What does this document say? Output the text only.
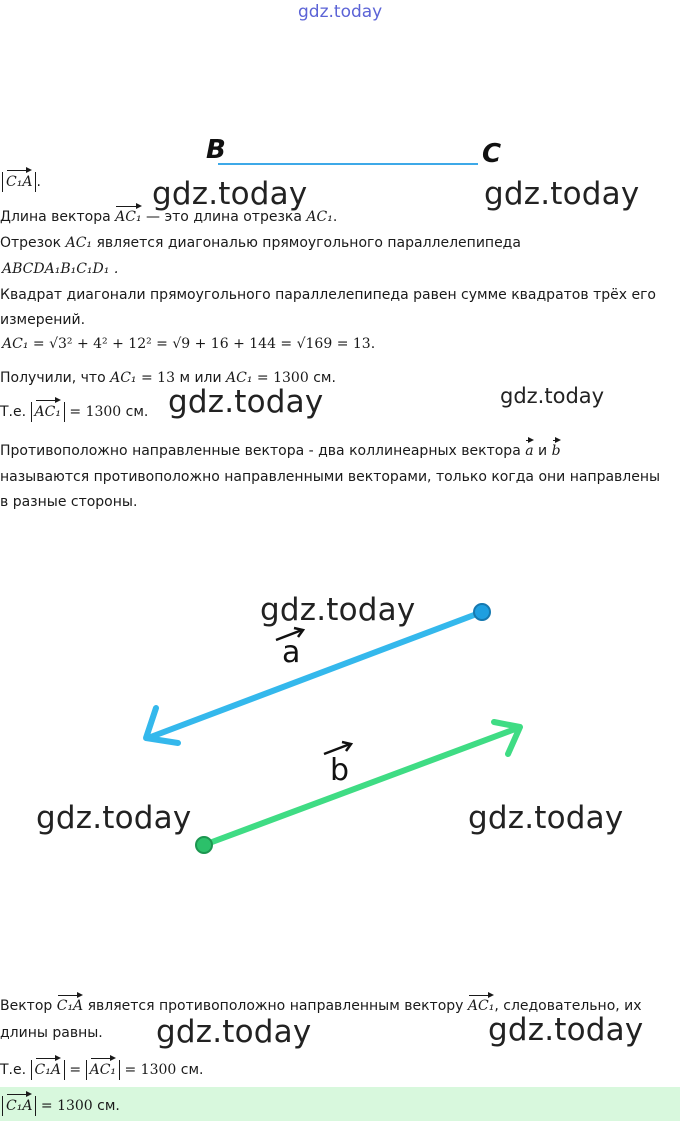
gdz.today
B	C
C₁A .	gdz.today	gdz.today
Длина вектора AC₁ — это длина отрезка AC₁.
Отрезок AC₁ является диагональю прямоугольного параллелепипеда
ABCDA₁B₁C₁D₁ .
Квадрат диагонали прямоугольного параллелепипеда равен сумме квадратов трёх его
измерений.
AC₁ = √3² + 4² + 12² = √9 + 16 + 144 = √169 = 13.
Получили, что AC₁ = 13 м или AC₁ = 1300 см.
Т.е. AC₁ = 1300 см. gdz.today	gdz.today
Противоположно направленные вектора - два коллинеарных вектора a и b
называются противоположно направленными векторами, только когда они направлены
в разные стороны.
a
b
gdz.today
gdz.today	gdz.today
Вектор C₁A является противоположно направленным вектору AC₁, следовательно, их
длины равны. gdz.today	gdz.today
Т.е. C₁A = AC₁ = 1300 см.
C₁A = 1300 см.
